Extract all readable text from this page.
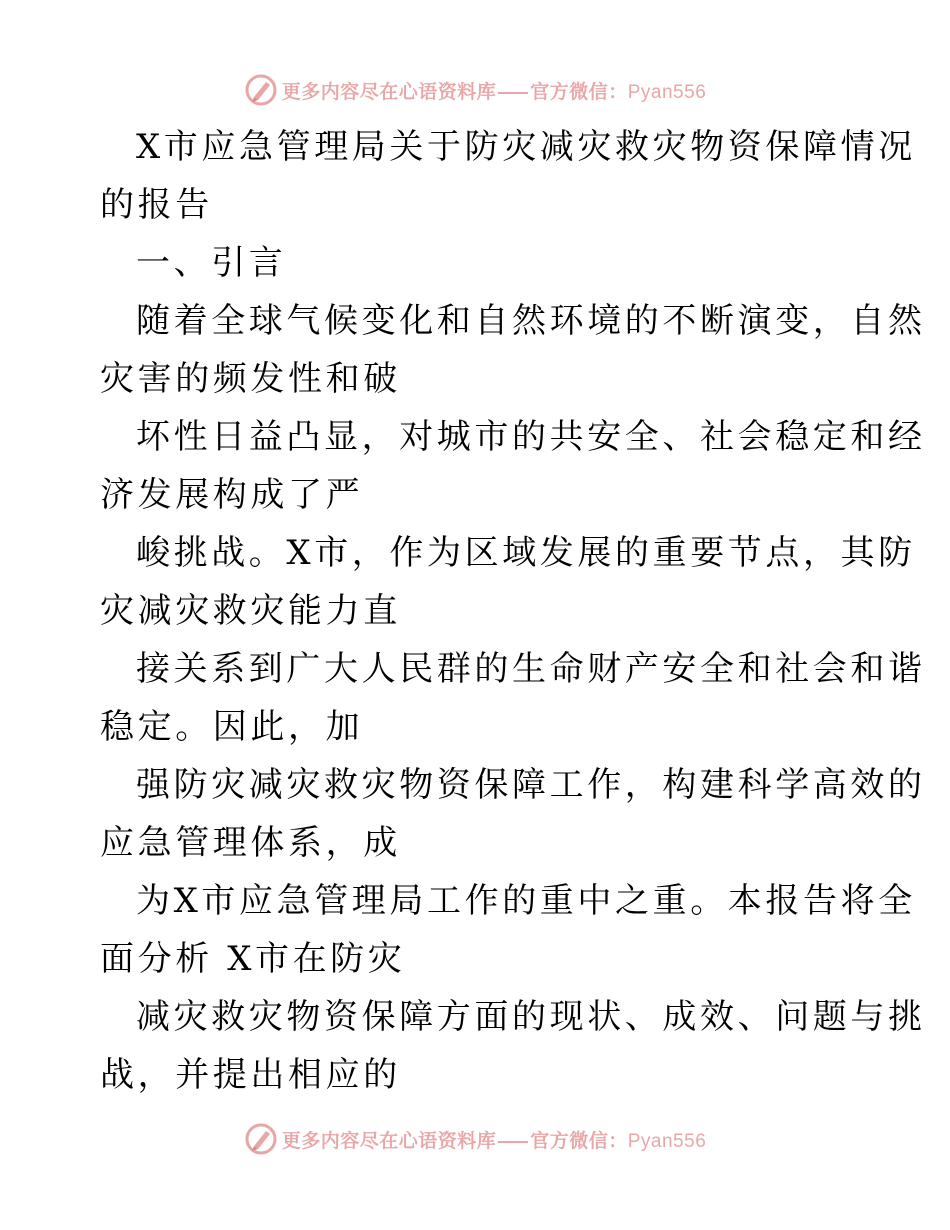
更多内容尽在心语资料库 官方微信：Pyan556
X市应急管理局关于防灾减灾救灾物资保障情况
的报告
一、引言
随着全球气候变化和自然环境的不断演变，自然
灾害的频发性和破
坏性日益凸显，对城市的共安全、社会稳定和经
济发展构成了严
峻挑战。X市，作为区域发展的重要节点，其防
灾减灾救灾能力直
接关系到广大人民群的生命财产安全和社会和谐
稳定。因此，加
强防灾减灾救灾物资保障工作，构建科学高效的
应急管理体系，成
为X市应急管理局工作的重中之重。本报告将全
面分析 X市在防灾
减灾救灾物资保障方面的现状、成效、问题与挑
战，并提出相应的
更多内容尽在心语资料库 官方微信：Pyan556
